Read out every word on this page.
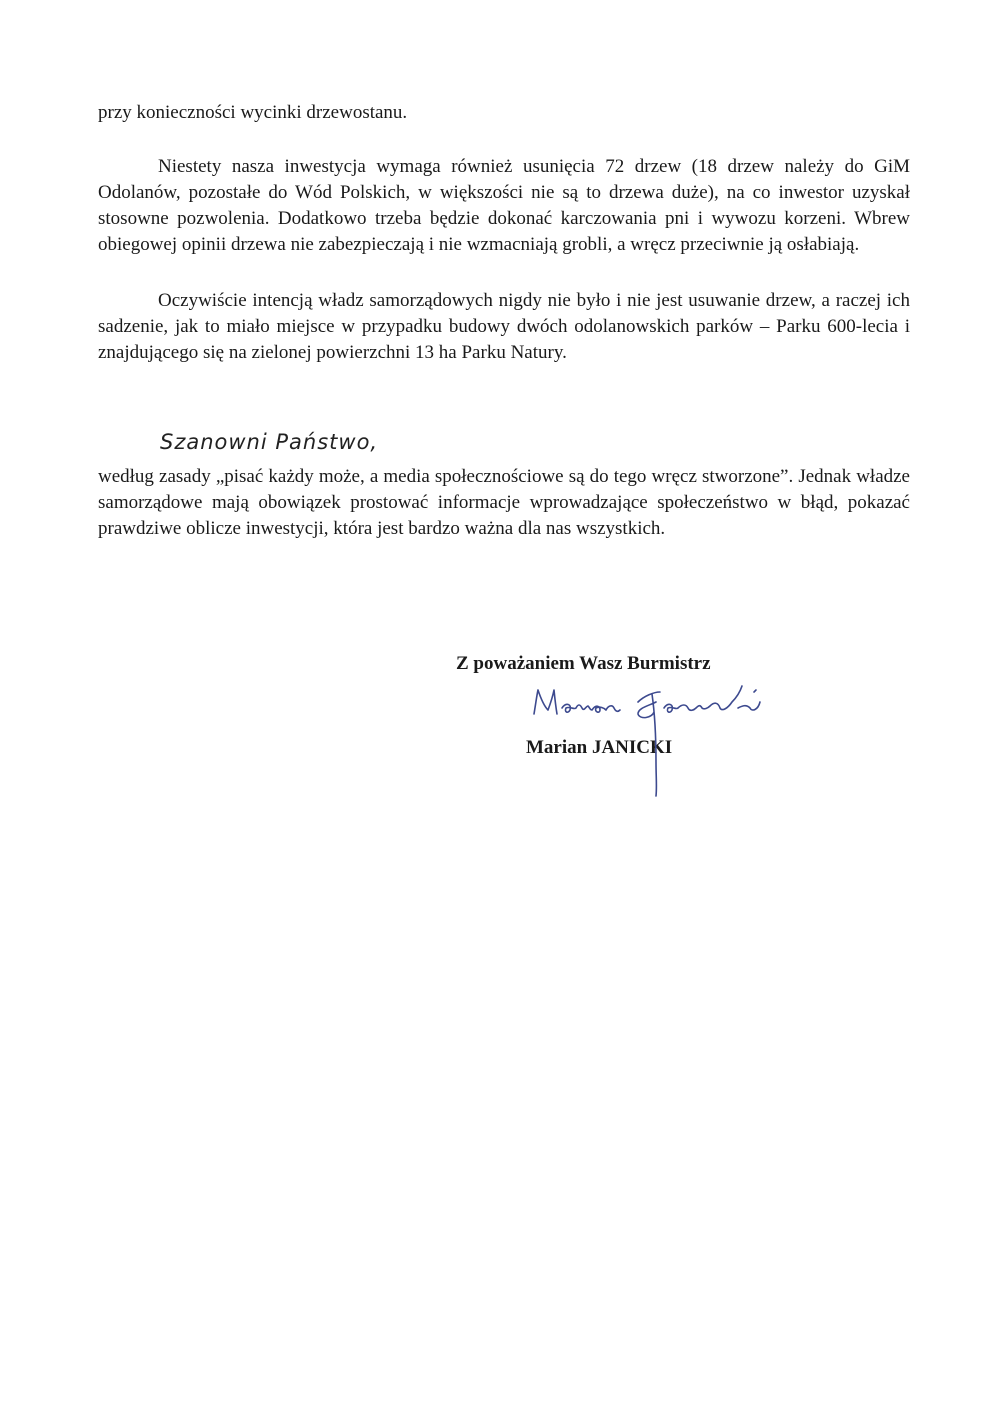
przy konieczności wycinki drzewostanu.

Niestety nasza inwestycja wymaga również usunięcia 72 drzew (18 drzew należy do GiM Odolanów, pozostałe do Wód Polskich, w większości nie są to drzewa duże), na co inwestor uzyskał stosowne pozwolenia. Dodatkowo trzeba będzie dokonać karczowania pni i wywozu korzeni. Wbrew obiegowej opinii drzewa nie zabezpieczają i nie wzmacniają grobli, a wręcz przeciwnie ją osłabiają.

Oczywiście intencją władz samorządowych nigdy nie było i nie jest usuwanie drzew, a raczej ich sadzenie, jak to miało miejsce w przypadku budowy dwóch odolanowskich parków – Parku 600-lecia i znajdującego się na zielonej powierzchni 13 ha Parku Natury.

Szanowni Państwo,

według zasady „pisać każdy może, a media społecznościowe są do tego wręcz stworzone”. Jednak władze samorządowe mają obowiązek prostować informacje wprowadzające społeczeństwo w błąd, pokazać prawdziwe oblicze inwestycji, która jest bardzo ważna dla nas wszystkich.

Z poważaniem Wasz Burmistrz

Marian JANICKI
